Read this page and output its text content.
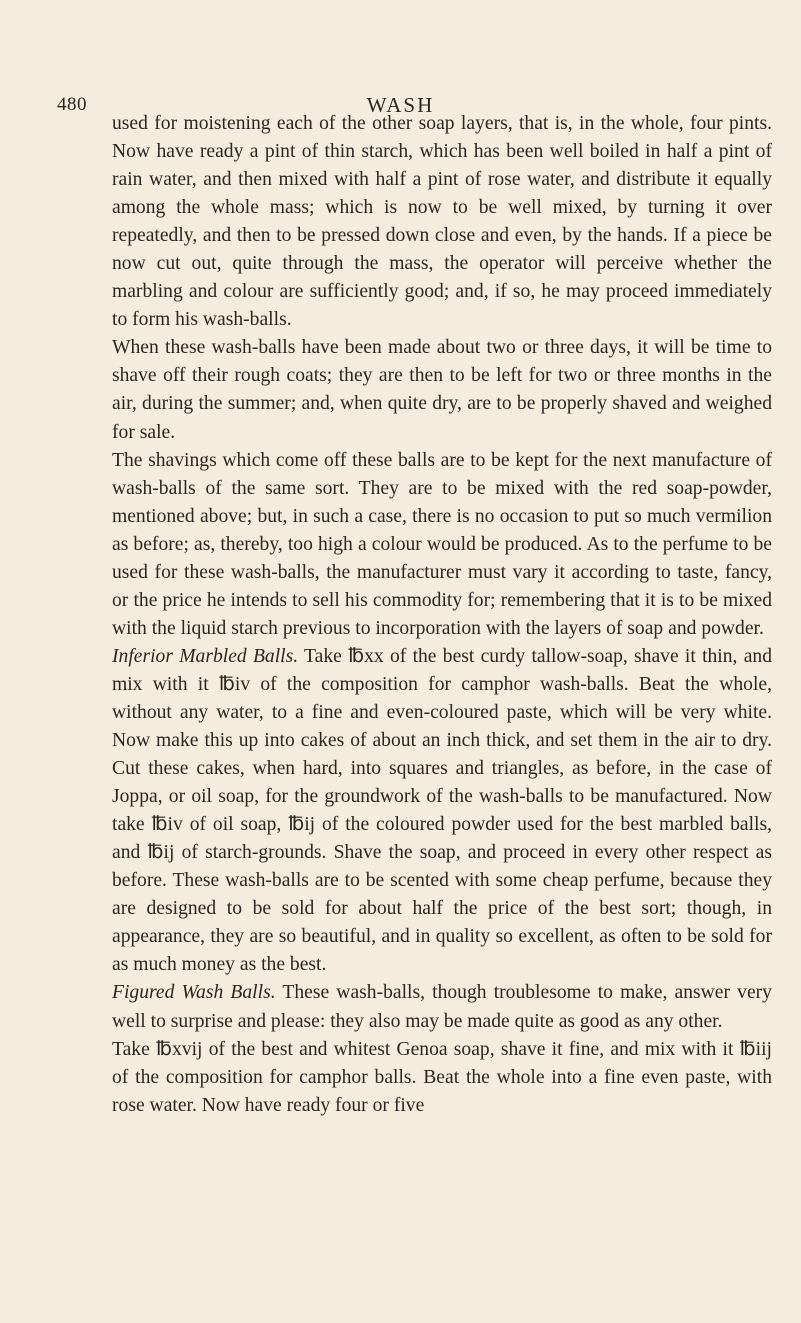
480	WASH

used for moistening each of the other soap layers, that is, in the whole, four pints. Now have ready a pint of thin starch, which has been well boiled in half a pint of rain water, and then mixed with half a pint of rose water, and distribute it equally among the whole mass; which is now to be well mixed, by turning it over repeatedly, and then to be pressed down close and even, by the hands. If a piece be now cut out, quite through the mass, the operator will perceive whether the marbling and colour are sufficiently good; and, if so, he may proceed immediately to form his wash-balls.

When these wash-balls have been made about two or three days, it will be time to shave off their rough coats; they are then to be left for two or three months in the air, during the summer; and, when quite dry, are to be properly shaved and weighed for sale.

The shavings which come off these balls are to be kept for the next manufacture of wash-balls of the same sort. They are to be mixed with the red soap-powder, mentioned above; but, in such a case, there is no occasion to put so much vermilion as before; as, thereby, too high a colour would be produced. As to the perfume to be used for these wash-balls, the manufacturer must vary it according to taste, fancy, or the price he intends to sell his commodity for; remembering that it is to be mixed with the liquid starch previous to incorporation with the layers of soap and powder.

Inferior Marbled Balls. Take ℔xx of the best curdy tallow-soap, shave it thin, and mix with it ℔iv of the composition for camphor wash-balls. Beat the whole, without any water, to a fine and even-coloured paste, which will be very white. Now make this up into cakes of about an inch thick, and set them in the air to dry. Cut these cakes, when hard, into squares and triangles, as before, in the case of Joppa, or oil soap, for the groundwork of the wash-balls to be manufactured. Now take ℔iv of oil soap, ℔ij of the coloured powder used for the best marbled balls, and ℔ij of starch-grounds. Shave the soap, and proceed in every other respect as before. These wash-balls are to be scented with some cheap perfume, because they are designed to be sold for about half the price of the best sort; though, in appearance, they are so beautiful, and in quality so excellent, as often to be sold for as much money as the best.

Figured Wash Balls. These wash-balls, though troublesome to make, answer very well to surprise and please: they also may be made quite as good as any other.

Take ℔xvij of the best and whitest Genoa soap, shave it fine, and mix with it ℔iij of the composition for camphor balls. Beat the whole into a fine even paste, with rose water. Now have ready four or five
